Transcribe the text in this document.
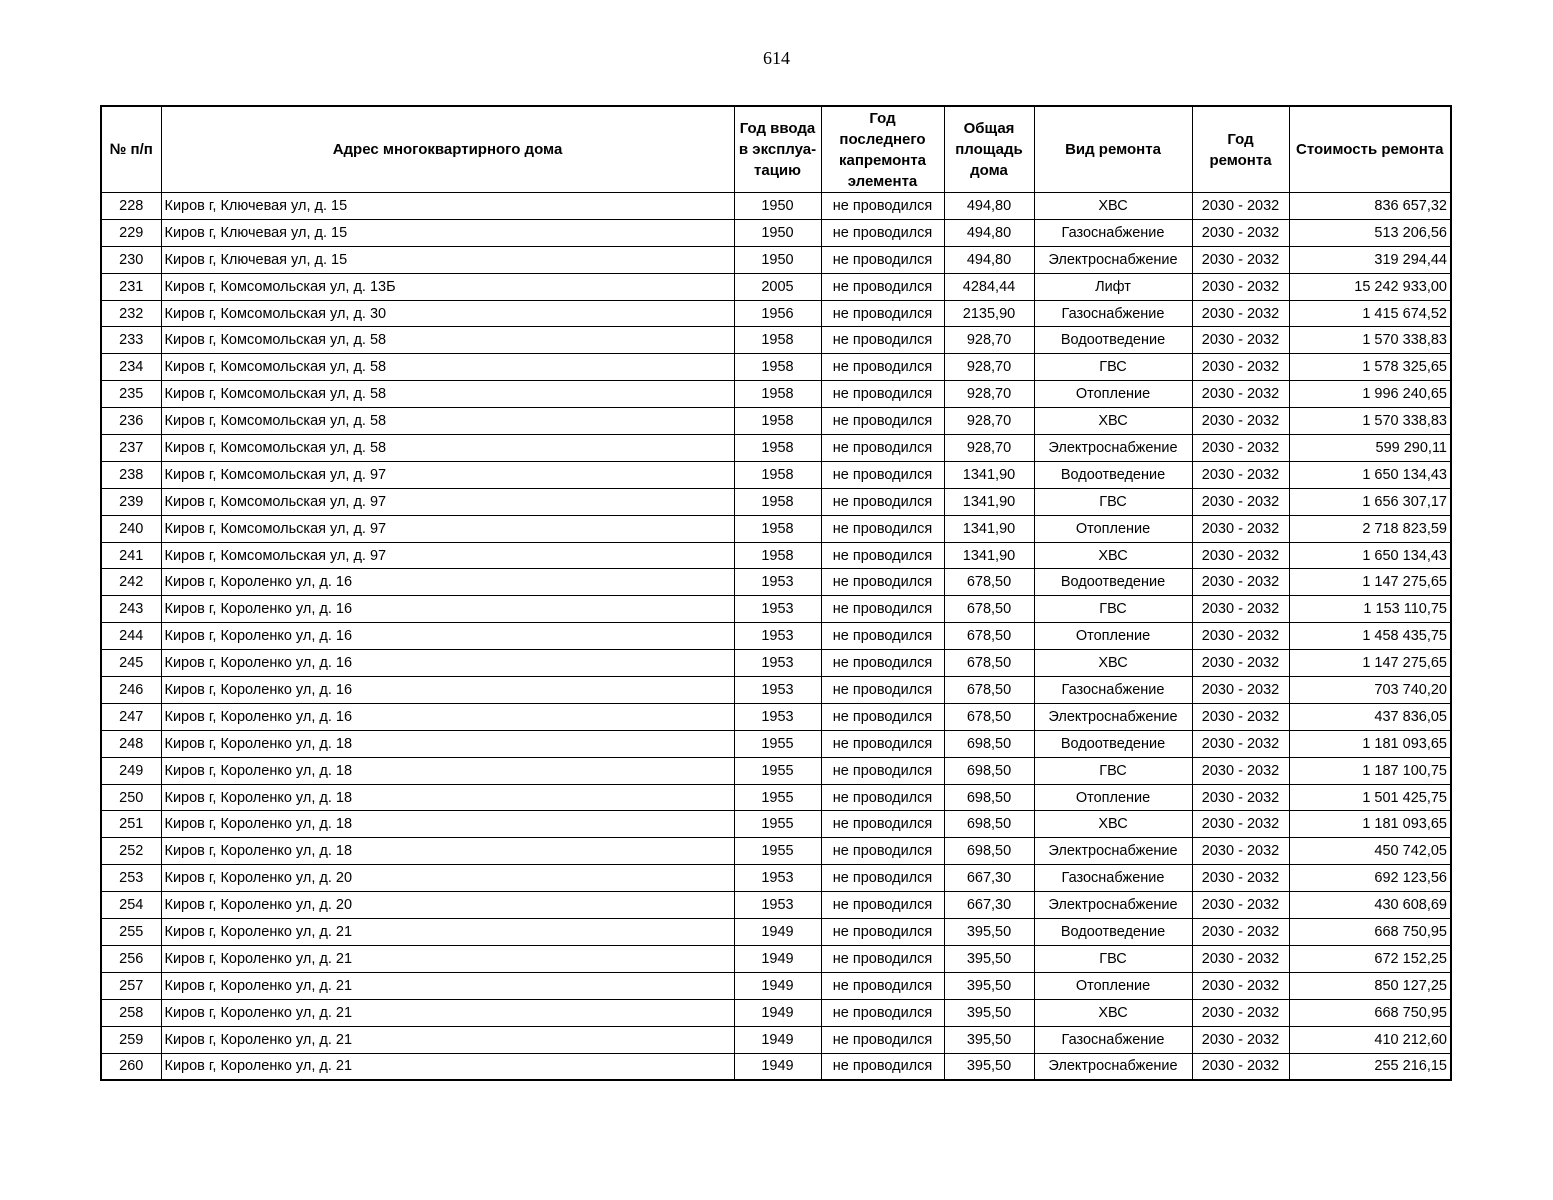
614
№ п/п	Адрес многоквартирного дома	Год ввода в эксплуа-тацию	Год последнего капремонта элемента	Общая площадь дома	Вид ремонта	Год ремонта	Стоимость ремонта
228	Киров г, Ключевая ул, д. 15	1950	не проводился	494,80	ХВС	2030 - 2032	836 657,32
229	Киров г, Ключевая ул, д. 15	1950	не проводился	494,80	Газоснабжение	2030 - 2032	513 206,56
230	Киров г, Ключевая ул, д. 15	1950	не проводился	494,80	Электроснабжение	2030 - 2032	319 294,44
231	Киров г, Комсомольская ул, д. 13Б	2005	не проводился	4284,44	Лифт	2030 - 2032	15 242 933,00
232	Киров г, Комсомольская ул, д. 30	1956	не проводился	2135,90	Газоснабжение	2030 - 2032	1 415 674,52
233	Киров г, Комсомольская ул, д. 58	1958	не проводился	928,70	Водоотведение	2030 - 2032	1 570 338,83
234	Киров г, Комсомольская ул, д. 58	1958	не проводился	928,70	ГВС	2030 - 2032	1 578 325,65
235	Киров г, Комсомольская ул, д. 58	1958	не проводился	928,70	Отопление	2030 - 2032	1 996 240,65
236	Киров г, Комсомольская ул, д. 58	1958	не проводился	928,70	ХВС	2030 - 2032	1 570 338,83
237	Киров г, Комсомольская ул, д. 58	1958	не проводился	928,70	Электроснабжение	2030 - 2032	599 290,11
238	Киров г, Комсомольская ул, д. 97	1958	не проводился	1341,90	Водоотведение	2030 - 2032	1 650 134,43
239	Киров г, Комсомольская ул, д. 97	1958	не проводился	1341,90	ГВС	2030 - 2032	1 656 307,17
240	Киров г, Комсомольская ул, д. 97	1958	не проводился	1341,90	Отопление	2030 - 2032	2 718 823,59
241	Киров г, Комсомольская ул, д. 97	1958	не проводился	1341,90	ХВС	2030 - 2032	1 650 134,43
242	Киров г, Короленко ул, д. 16	1953	не проводился	678,50	Водоотведение	2030 - 2032	1 147 275,65
243	Киров г, Короленко ул, д. 16	1953	не проводился	678,50	ГВС	2030 - 2032	1 153 110,75
244	Киров г, Короленко ул, д. 16	1953	не проводился	678,50	Отопление	2030 - 2032	1 458 435,75
245	Киров г, Короленко ул, д. 16	1953	не проводился	678,50	ХВС	2030 - 2032	1 147 275,65
246	Киров г, Короленко ул, д. 16	1953	не проводился	678,50	Газоснабжение	2030 - 2032	703 740,20
247	Киров г, Короленко ул, д. 16	1953	не проводился	678,50	Электроснабжение	2030 - 2032	437 836,05
248	Киров г, Короленко ул, д. 18	1955	не проводился	698,50	Водоотведение	2030 - 2032	1 181 093,65
249	Киров г, Короленко ул, д. 18	1955	не проводился	698,50	ГВС	2030 - 2032	1 187 100,75
250	Киров г, Короленко ул, д. 18	1955	не проводился	698,50	Отопление	2030 - 2032	1 501 425,75
251	Киров г, Короленко ул, д. 18	1955	не проводился	698,50	ХВС	2030 - 2032	1 181 093,65
252	Киров г, Короленко ул, д. 18	1955	не проводился	698,50	Электроснабжение	2030 - 2032	450 742,05
253	Киров г, Короленко ул, д. 20	1953	не проводился	667,30	Газоснабжение	2030 - 2032	692 123,56
254	Киров г, Короленко ул, д. 20	1953	не проводился	667,30	Электроснабжение	2030 - 2032	430 608,69
255	Киров г, Короленко ул, д. 21	1949	не проводился	395,50	Водоотведение	2030 - 2032	668 750,95
256	Киров г, Короленко ул, д. 21	1949	не проводился	395,50	ГВС	2030 - 2032	672 152,25
257	Киров г, Короленко ул, д. 21	1949	не проводился	395,50	Отопление	2030 - 2032	850 127,25
258	Киров г, Короленко ул, д. 21	1949	не проводился	395,50	ХВС	2030 - 2032	668 750,95
259	Киров г, Короленко ул, д. 21	1949	не проводился	395,50	Газоснабжение	2030 - 2032	410 212,60
260	Киров г, Короленко ул, д. 21	1949	не проводился	395,50	Электроснабжение	2030 - 2032	255 216,15
